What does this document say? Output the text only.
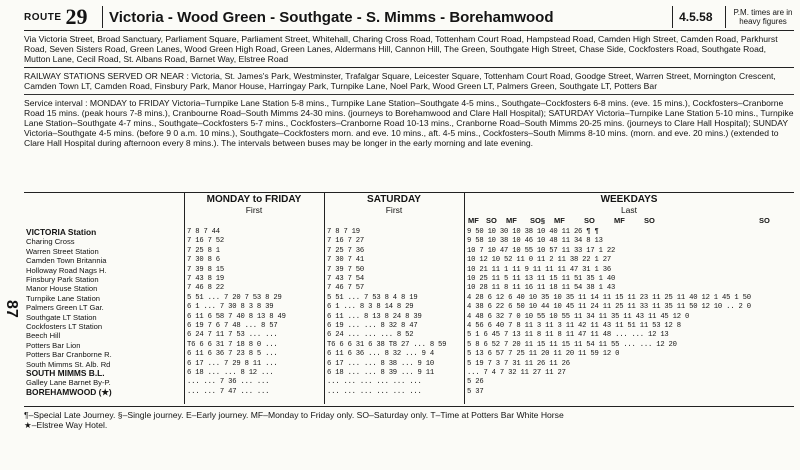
87
ROUTE 29 Victoria - Wood Green - Southgate - S. Mimms - Borehamwood	4.5.58	P.M. times are in heavy figures

Via Victoria Street, Broad Sanctuary, Parliament Square, Parliament Street, Whitehall, Charing Cross Road, Tottenham Court Road, Hampstead Road, Camden High Street, Camden Road, Parkhurst Road, Seven Sisters Road, Green Lanes, Wood Green High Road, Green Lanes, Aldermans Hill, Cannon Hill, The Green, Southgate High Street, Chase Side, Cockfosters Road, Southgate Road, Mutton Lane, Cecil Road, St. Albans Road, Barnet Way, Elstree Road

RAILWAY STATIONS SERVED OR NEAR : Victoria, St. James's Park, Westminster, Trafalgar Square, Leicester Square, Tottenham Court Road, Goodge Street, Warren Street, Mornington Crescent, Camden Town LT, Camden Road, Finsbury Park, Manor House, Harringay Park, Turnpike Lane, Noel Park, Wood Green LT, Palmers Green, Southgate LT, Potters Bar

Service interval : MONDAY to FRIDAY Victoria–Turnpike Lane Station 5-8 mins., Turnpike Lane Station–Southgate 4-5 mins., Southgate–Cockfosters 6-8 mins. (eve. 15 mins.), Cockfosters–Cranborne Road 15 mins. (peak hours 7-8 mins.), Cranbourne Road–South Mimms 24-30 mins. (journeys to Borehamwood and Clare Hall Hospital); SATURDAY Victoria–Turnpike Lane Station 5-10 mins., Turnpike Lane Station–Southgate 4-7 mins., Southgate–Cockfosters 5-7 mins., Cockfosters–Cranborne Road 10-13 mins., Cranborne Road–South Mimms 20-25 mins. (journeys to Clare Hall Hospital); SUNDAY Victoria–Southgate 4-5 mins. (before 9 0 a.m. 10 mins.), Southgate–Cockfosters morn. and eve. 10 mins., aft. 4-5 mins., Cockfosters–South Mimms 8-10 mins. (morn. and eve. 20 mins.) (extended to Clare Hall Hospital during afternoon every 8 mins.). The intervals between buses may be longer in the early morning and late evening.

MONDAY to FRIDAY
First
SATURDAY
First
WEEKDAYS
Last
MF SO MF SO§ MF	SO	MF	SO	SO
VICTORIA Station	7 8 7 44	7 8 7 19	9 50 10 30 10 38 10 40 11 26 ¶ ¶
Charing Cross	7 16 7 52	7 16 7 27	9 58 10 38 10 46 10 48 11 34 8 13
Warren Street Station	7 25 8 1	7 25 7 36	10 7 10 47 10 55 10 57 11 33 17 1 22
Camden Town Britannia	7 30 8 6	7 30 7 41	10 12 10 52 11 0 11 2 11 38 22 1 27
Holloway Road Nags H.	7 39 8 15	7 39 7 50	10 21 11 1 11 9 11 11 11 47 31 1 36
Finsbury Park Station	7 43 8 19	7 43 7 54	10 25 11 5 11 13 11 15 11 51 35 1 40
Manor House Station	7 46 8 22	7 46 7 57	10 28 11 8 11 16 11 18 11 54 38 1 43
Turnpike Lane Station	5 51 ... 7 20 7 53 8 29	5 51 ... 7 53 8 4 8 19	4 28 6 12 6 40 10 35 10 35 11 14 11 15 11 23 11 25 11 40 12 1 45 1 50
Palmers Green LT Gar.	6 1 ... 7 30 8 3 8 39	6 1 ... 8 3 8 14 8 29	4 38 6 22 6 50 10 44 10 45 11 24 11 25 11 33 11 35 11 50 12 10 .. 2 0
Southgate LT Station	6 11 6 58 7 40 8 13 8 49	6 11 ... 8 13 8 24 8 39	4 48 6 32 7 0 10 55 10 55 11 34 11 35 11 43 11 45 12 0
Cockfosters LT Station	6 19 7 6 7 48 ... 8 57	6 19 ... ... 8 32 8 47	4 56 6 40 7 8 11 3 11 3 11 42 11 43 11 51 11 53 12 8
Beech Hill	6 24 7 11 7 53 ... ...	6 24 ... ... ... 8 52	5 1 6 45 7 13 11 8 11 8 11 47 11 48 ... ... 12 13
Potters Bar Lion	T6 6 6 31 7 18 8 0 ...	T6 6 6 31 6 38 T8 27 ... 8 59	5 8 6 52 7 20 11 15 11 15 11 54 11 55 ... ... 12 20
Potters Bar Cranborne R.	6 11 6 36 7 23 8 5 ...	6 11 6 36 ... 8 32 ... 9 4	5 13 6 57 7 25 11 20 11 20 11 59 12 0
South Mimms St. Alb. Rd	6 17 ... 7 29 8 11 ...	6 17 ... ... 8 38 ... 9 10	5 19 7 3 7 31 11 26 11 26
SOUTH MIMMS B.L.	6 18 ... ... 8 12 ...	6 18 ... ... 8 39 ... 9 11	... 7 4 7 32 11 27 11 27
Galley Lane Barnet By-P.	... ... 7 36 ... ...	... ... ... ... ... ...	5 26
BOREHAMWOOD (★)	... ... 7 47 ... ...	... ... ... ... ... ...	5 37
¶–Special Late Journey. §–Single journey. E–Early journey. MF–Monday to Friday only. SO–Saturday only. T–Time at Potters Bar White Horse
★–Elstree Way Hotel.
